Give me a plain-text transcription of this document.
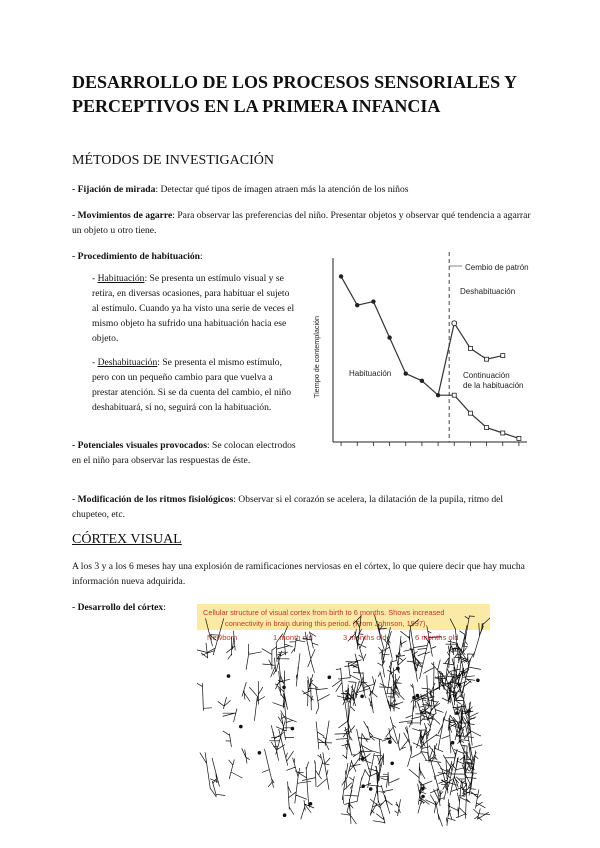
DESARROLLO DE LOS PROCESOS SENSORIALES Y PERCEPTIVOS EN LA PRIMERA INFANCIA
MÉTODOS DE INVESTIGACIÓN

- Fijación de mirada: Detectar qué tipos de imagen atraen más la atención de los niños

- Movimientos de agarre: Para observar las preferencias del niño. Presentar objetos y observar qué tendencia a agarrar un objeto u otro tiene.

- Procedimiento de habituación:

- Habituación: Se presenta un estímulo visual y se retira, en diversas ocasiones, para habituar el sujeto al estímulo. Cuando ya ha visto una serie de veces el mismo objeto ha sufrido una habituación hacia ese objeto.

- Deshabituación: Se presenta el mismo estímulo, pero con un pequeño cambio para que vuelva a prestar atención. Si se da cuenta del cambio, el niño deshabituará, si no, seguirá con la habituación.

- Potenciales visuales provocados: Se colocan electrodos en el niño para observar las respuestas de éste.

- Modificación de los ritmos fisiológicos: Observar si el corazón se acelera, la dilatación de la pupila, ritmo del chupeteo, etc.

Tiempo de contemplación
Cembio de patrón
Deshabituación
Habituación	Continuación
de la habituación
CÓRTEX VISUAL

A los 3 y a los 6 meses hay una explosión de ramificaciones nerviosas en el córtex, lo que quiere decir que hay mucha información nueva adquirida.

- Desarrollo del córtex:	Cellular structure of visual cortex from birth to 6 months. Shows increased
connectivity in brain during this period. (From Johnson, 1997).
Newborn	1 month old	3 months old	6 months old
